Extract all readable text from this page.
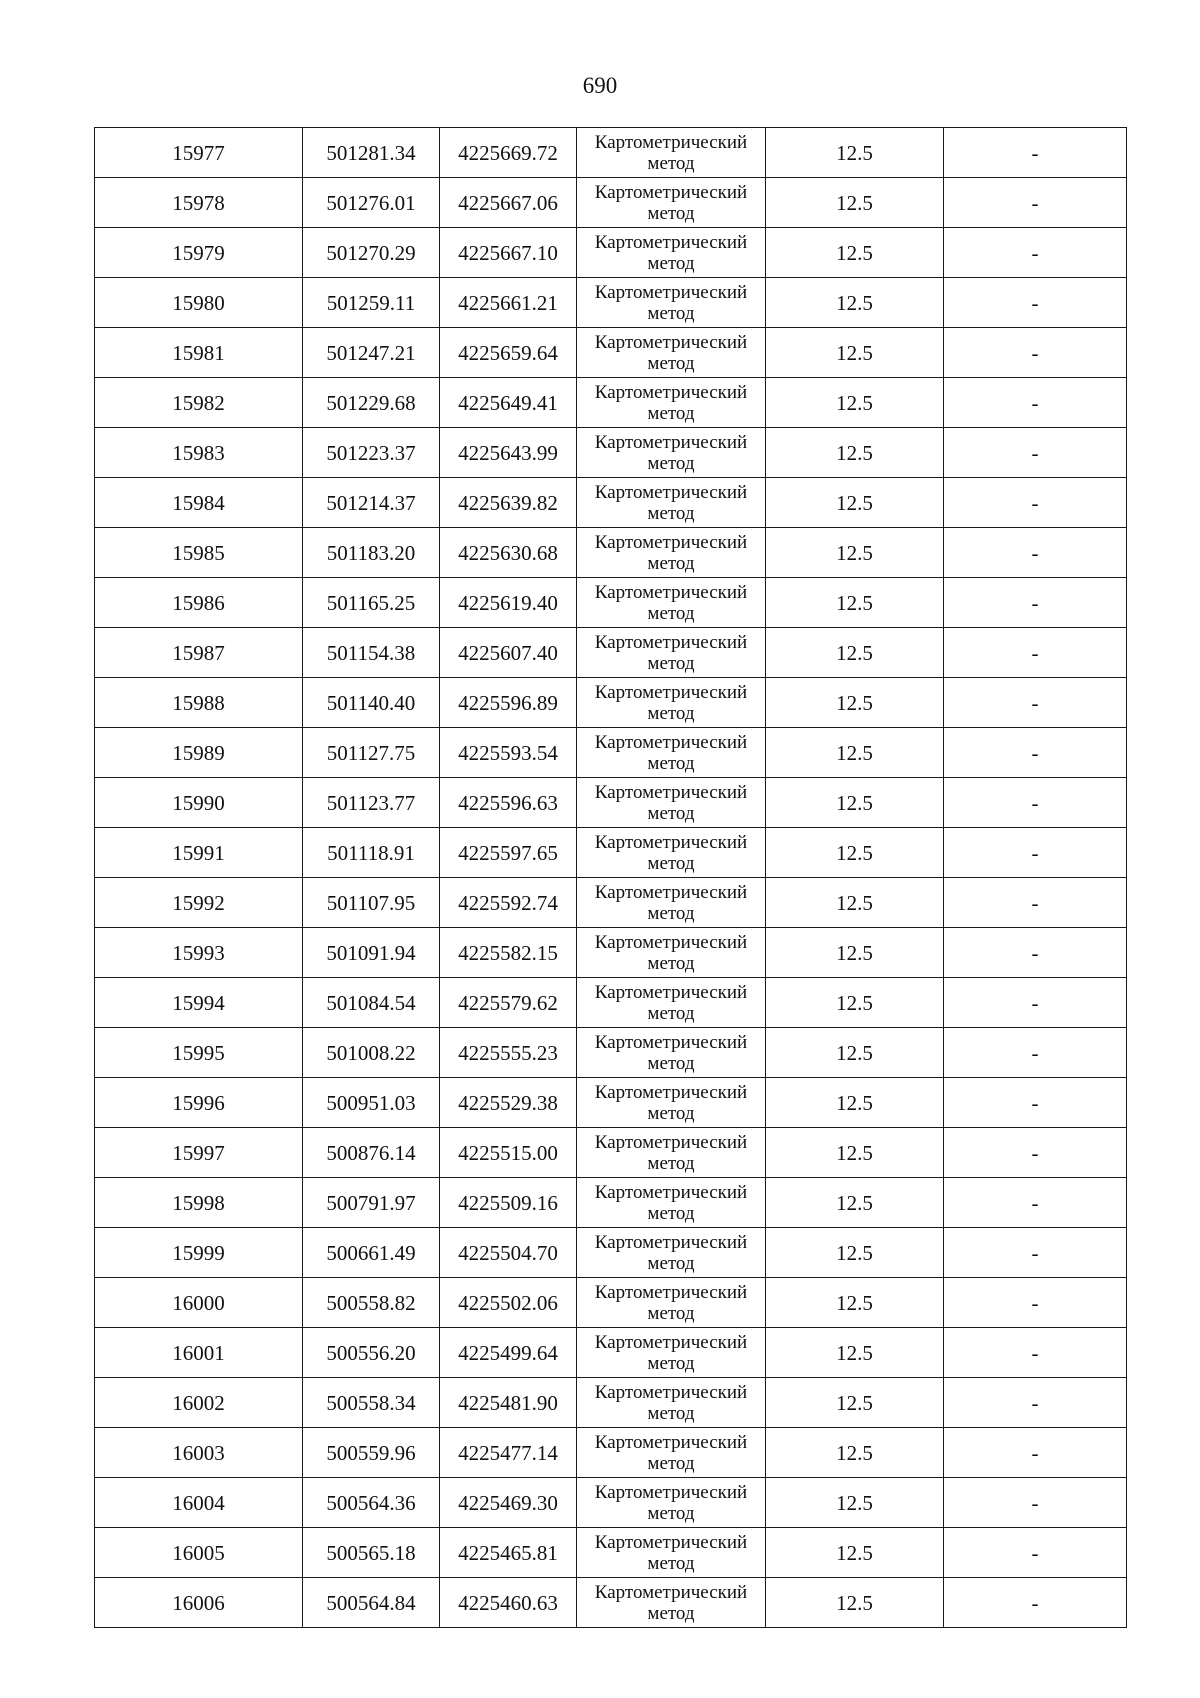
690
15977	501281.34	4225669.72	Картометрический
метод	12.5	-
15978	501276.01	4225667.06	Картометрический
метод	12.5	-
15979	501270.29	4225667.10	Картометрический
метод	12.5	-
15980	501259.11	4225661.21	Картометрический
метод	12.5	-
15981	501247.21	4225659.64	Картометрический
метод	12.5	-
15982	501229.68	4225649.41	Картометрический
метод	12.5	-
15983	501223.37	4225643.99	Картометрический
метод	12.5	-
15984	501214.37	4225639.82	Картометрический
метод	12.5	-
15985	501183.20	4225630.68	Картометрический
метод	12.5	-
15986	501165.25	4225619.40	Картометрический
метод	12.5	-
15987	501154.38	4225607.40	Картометрический
метод	12.5	-
15988	501140.40	4225596.89	Картометрический
метод	12.5	-
15989	501127.75	4225593.54	Картометрический
метод	12.5	-
15990	501123.77	4225596.63	Картометрический
метод	12.5	-
15991	501118.91	4225597.65	Картометрический
метод	12.5	-
15992	501107.95	4225592.74	Картометрический
метод	12.5	-
15993	501091.94	4225582.15	Картометрический
метод	12.5	-
15994	501084.54	4225579.62	Картометрический
метод	12.5	-
15995	501008.22	4225555.23	Картометрический
метод	12.5	-
15996	500951.03	4225529.38	Картометрический
метод	12.5	-
15997	500876.14	4225515.00	Картометрический
метод	12.5	-
15998	500791.97	4225509.16	Картометрический
метод	12.5	-
15999	500661.49	4225504.70	Картометрический
метод	12.5	-
16000	500558.82	4225502.06	Картометрический
метод	12.5	-
16001	500556.20	4225499.64	Картометрический
метод	12.5	-
16002	500558.34	4225481.90	Картометрический
метод	12.5	-
16003	500559.96	4225477.14	Картометрический
метод	12.5	-
16004	500564.36	4225469.30	Картометрический
метод	12.5	-
16005	500565.18	4225465.81	Картометрический
метод	12.5	-
16006	500564.84	4225460.63	Картометрический
метод	12.5	-
